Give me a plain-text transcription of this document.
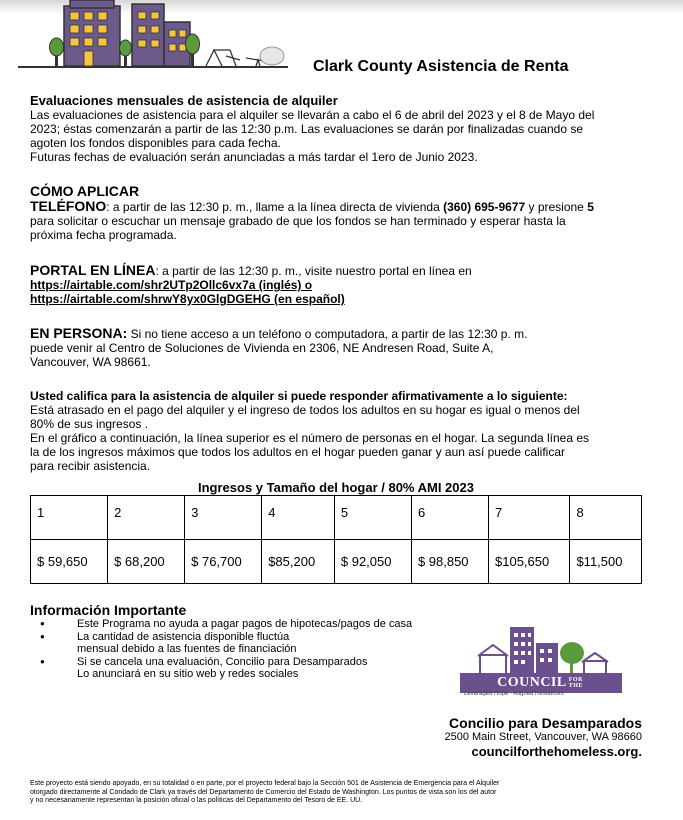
Clark County Asistencia de Renta
Evaluaciones mensuales de asistencia de alquiler
Las evaluaciones de asistencia para el alquiler se llevarán a cabo el 6 de abril del 2023 y el 8 de Mayo del
2023; éstas comenzarán a partir de las 12:30 p.m. Las evaluaciones se darán por finalizadas cuando se
agoten los fondos disponibles para cada fecha.
Futuras fechas de evaluación serán anunciadas a más tardar el 1ero de Junio 2023.
CÓMO APLICAR
TELÉFONO: a partir de las 12:30 p. m., llame a la línea directa de vivienda (360) 695-9677 y presione 5
para solicitar o escuchar un mensaje grabado de que los fondos se han terminado y esperar hasta la
próxima fecha programada.
PORTAL EN LÍNEA: a partir de las 12:30 p. m., visite nuestro portal en línea en
https://airtable.com/shr2UTp2Ollc6vx7a (inglés) o
https://airtable.com/shrwY8yx0GlgDGEHG (en español)
EN PERSONA: Si no tiene acceso a un teléfono o computadora, a partir de las 12:30 p. m.
puede venir al Centro de Soluciones de Vivienda en 2306, NE Andresen Road, Suite A,
Vancouver, WA 98661.
Usted califica para la asistencia de alquiler si puede responder afirmativamente a lo siguiente:
Está atrasado en el pago del alquiler y el ingreso de todos los adultos en su hogar es igual o menos del
80% de sus ingresos .
En el gráfico a continuación, la línea superior es el número de personas en el hogar. La segunda línea es
la de los ingresos máximos que todos los adultos en el hogar pueden ganar y aun así puede calificar
para recibir asistencia.
Ingresos y Tamaño del hogar / 80% AMI 2023
1	2	3	4	5	6	7	8
$ 59,650	$ 68,200	$ 76,700	$85,200	$ 92,050	$ 98,850	$105,650	$11,500
Información Importante
● Este Programa no ayuda a pagar pagos de hipotecas/pagos de casa
● La cantidad de asistencia disponible fluctúa
mensual debido a las fuentes de financiación
● Si se cancela una evaluación, Concilio para Desamparados
Lo anunciará en su sitio web y redes sociales
COUNCIL FOR
THE
HOMELESS
Leveraged Hope · Aligned Resources
Concilio para Desamparados
2500 Main Street, Vancouver, WA 98660
councilforthehomeless.org.
Este proyecto está siendo apoyado, en su totalidad o en parte, por el proyecto federal bajo la Sección 501 de Asistencia de Emergencia para el Alquiler
otorgado directamente al Condado de Clark ya través del Departamento de Comercio del Estado de Washington. Los puntos de vista son los del autor
y no necesariamente representan la posición oficial o las políticas del Departamento del Tesoro de EE. UU.
